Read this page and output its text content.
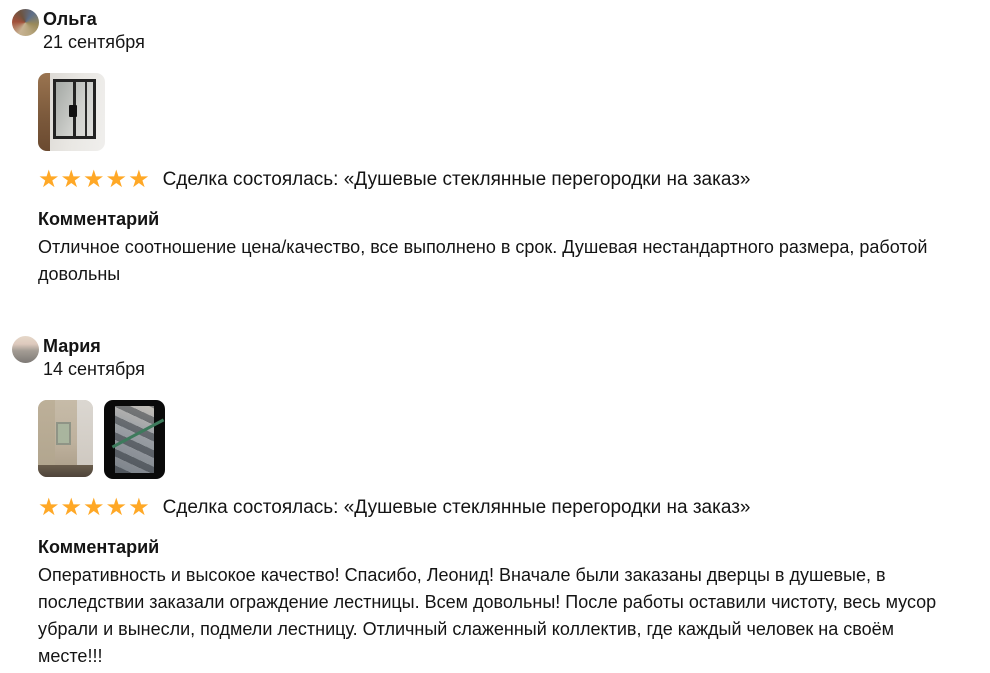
Ольга
21 сентября
★★★★★ Сделка состоялась: «Душевые стеклянные перегородки на заказ»
Комментарий
Отличное соотношение цена/качество, все выполнено в срок. Душевая нестандартного размера, работой довольны
Мария
14 сентября
★★★★★ Сделка состоялась: «Душевые стеклянные перегородки на заказ»
Комментарий
Оперативность и высокое качество! Спасибо, Леонид! Вначале были заказаны дверцы в душевые, в последствии заказали ограждение лестницы. Всем довольны! После работы оставили чистоту, весь мусор убрали и вынесли, подмели лестницу. Отличный слаженный коллектив, где каждый человек на своём месте!!!
